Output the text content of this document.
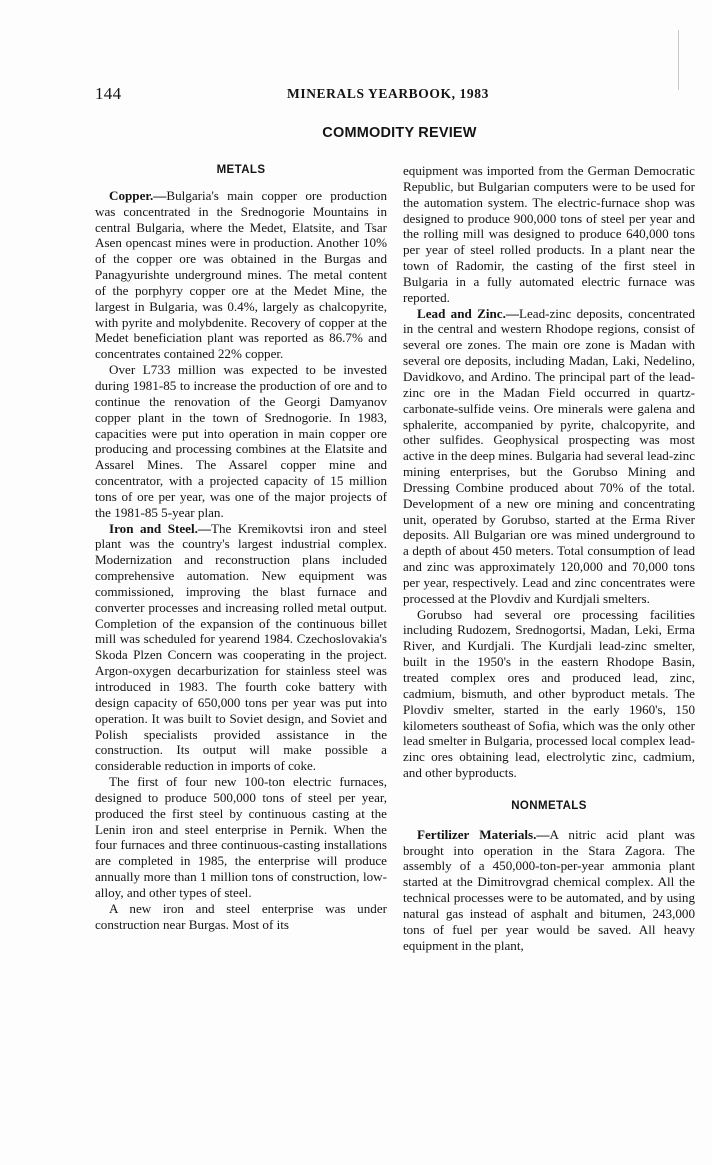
144	MINERALS YEARBOOK, 1983
COMMODITY REVIEW
METALS

Copper.—Bulgaria's main copper ore production was concentrated in the Srednogorie Mountains in central Bulgaria, where the Medet, Elatsite, and Tsar Asen opencast mines were in production. Another 10% of the copper ore was obtained in the Burgas and Panagyurishte underground mines. The metal content of the porphyry copper ore at the Medet Mine, the largest in Bulgaria, was 0.4%, largely as chalcopyrite, with pyrite and molybdenite. Recovery of copper at the Medet beneficiation plant was reported as 86.7% and concentrates contained 22% copper.

Over L733 million was expected to be invested during 1981-85 to increase the production of ore and to continue the renovation of the Georgi Damyanov copper plant in the town of Srednogorie. In 1983, capacities were put into operation in main copper ore producing and processing combines at the Elatsite and Assarel Mines. The Assarel copper mine and concentrator, with a projected capacity of 15 million tons of ore per year, was one of the major projects of the 1981-85 5-year plan.

Iron and Steel.—The Kremikovtsi iron and steel plant was the country's largest industrial complex. Modernization and reconstruction plans included comprehensive automation. New equipment was commissioned, improving the blast furnace and converter processes and increasing rolled metal output. Completion of the expansion of the continuous billet mill was scheduled for yearend 1984. Czechoslovakia's Skoda Plzen Concern was cooperating in the project. Argon-oxygen decarburization for stainless steel was introduced in 1983. The fourth coke battery with design capacity of 650,000 tons per year was put into operation. It was built to Soviet design, and Soviet and Polish specialists provided assistance in the construction. Its output will make possible a considerable reduction in imports of coke.

The first of four new 100-ton electric furnaces, designed to produce 500,000 tons of steel per year, produced the first steel by continuous casting at the Lenin iron and steel enterprise in Pernik. When the four furnaces and three continuous-casting installations are completed in 1985, the enterprise will produce annually more than 1 million tons of construction, low-alloy, and other types of steel.

A new iron and steel enterprise was under construction near Burgas. Most of its

equipment was imported from the German Democratic Republic, but Bulgarian computers were to be used for the automation system. The electric-furnace shop was designed to produce 900,000 tons of steel per year and the rolling mill was designed to produce 640,000 tons per year of steel rolled products. In a plant near the town of Radomir, the casting of the first steel in Bulgaria in a fully automated electric furnace was reported.

Lead and Zinc.—Lead-zinc deposits, concentrated in the central and western Rhodope regions, consist of several ore zones. The main ore zone is Madan with several ore deposits, including Madan, Laki, Nedelino, Davidkovo, and Ardino. The principal part of the lead-zinc ore in the Madan Field occurred in quartz-carbonate-sulfide veins. Ore minerals were galena and sphalerite, accompanied by pyrite, chalcopyrite, and other sulfides. Geophysical prospecting was most active in the deep mines. Bulgaria had several lead-zinc mining enterprises, but the Gorubso Mining and Dressing Combine produced about 70% of the total. Development of a new ore mining and concentrating unit, operated by Gorubso, started at the Erma River deposits. All Bulgarian ore was mined underground to a depth of about 450 meters. Total consumption of lead and zinc was approximately 120,000 and 70,000 tons per year, respectively. Lead and zinc concentrates were processed at the Plovdiv and Kurdjali smelters.

Gorubso had several ore processing facilities including Rudozem, Srednogortsi, Madan, Leki, Erma River, and Kurdjali. The Kurdjali lead-zinc smelter, built in the 1950's in the eastern Rhodope Basin, treated complex ores and produced lead, zinc, cadmium, bismuth, and other byproduct metals. The Plovdiv smelter, started in the early 1960's, 150 kilometers southeast of Sofia, which was the only other lead smelter in Bulgaria, processed local complex lead-zinc ores obtaining lead, electrolytic zinc, cadmium, and other byproducts.

NONMETALS

Fertilizer Materials.—A nitric acid plant was brought into operation in the Stara Zagora. The assembly of a 450,000-ton-per-year ammonia plant started at the Dimitrovgrad chemical complex. All the technical processes were to be automated, and by using natural gas instead of asphalt and bitumen, 243,000 tons of fuel per year would be saved. All heavy equipment in the plant,
